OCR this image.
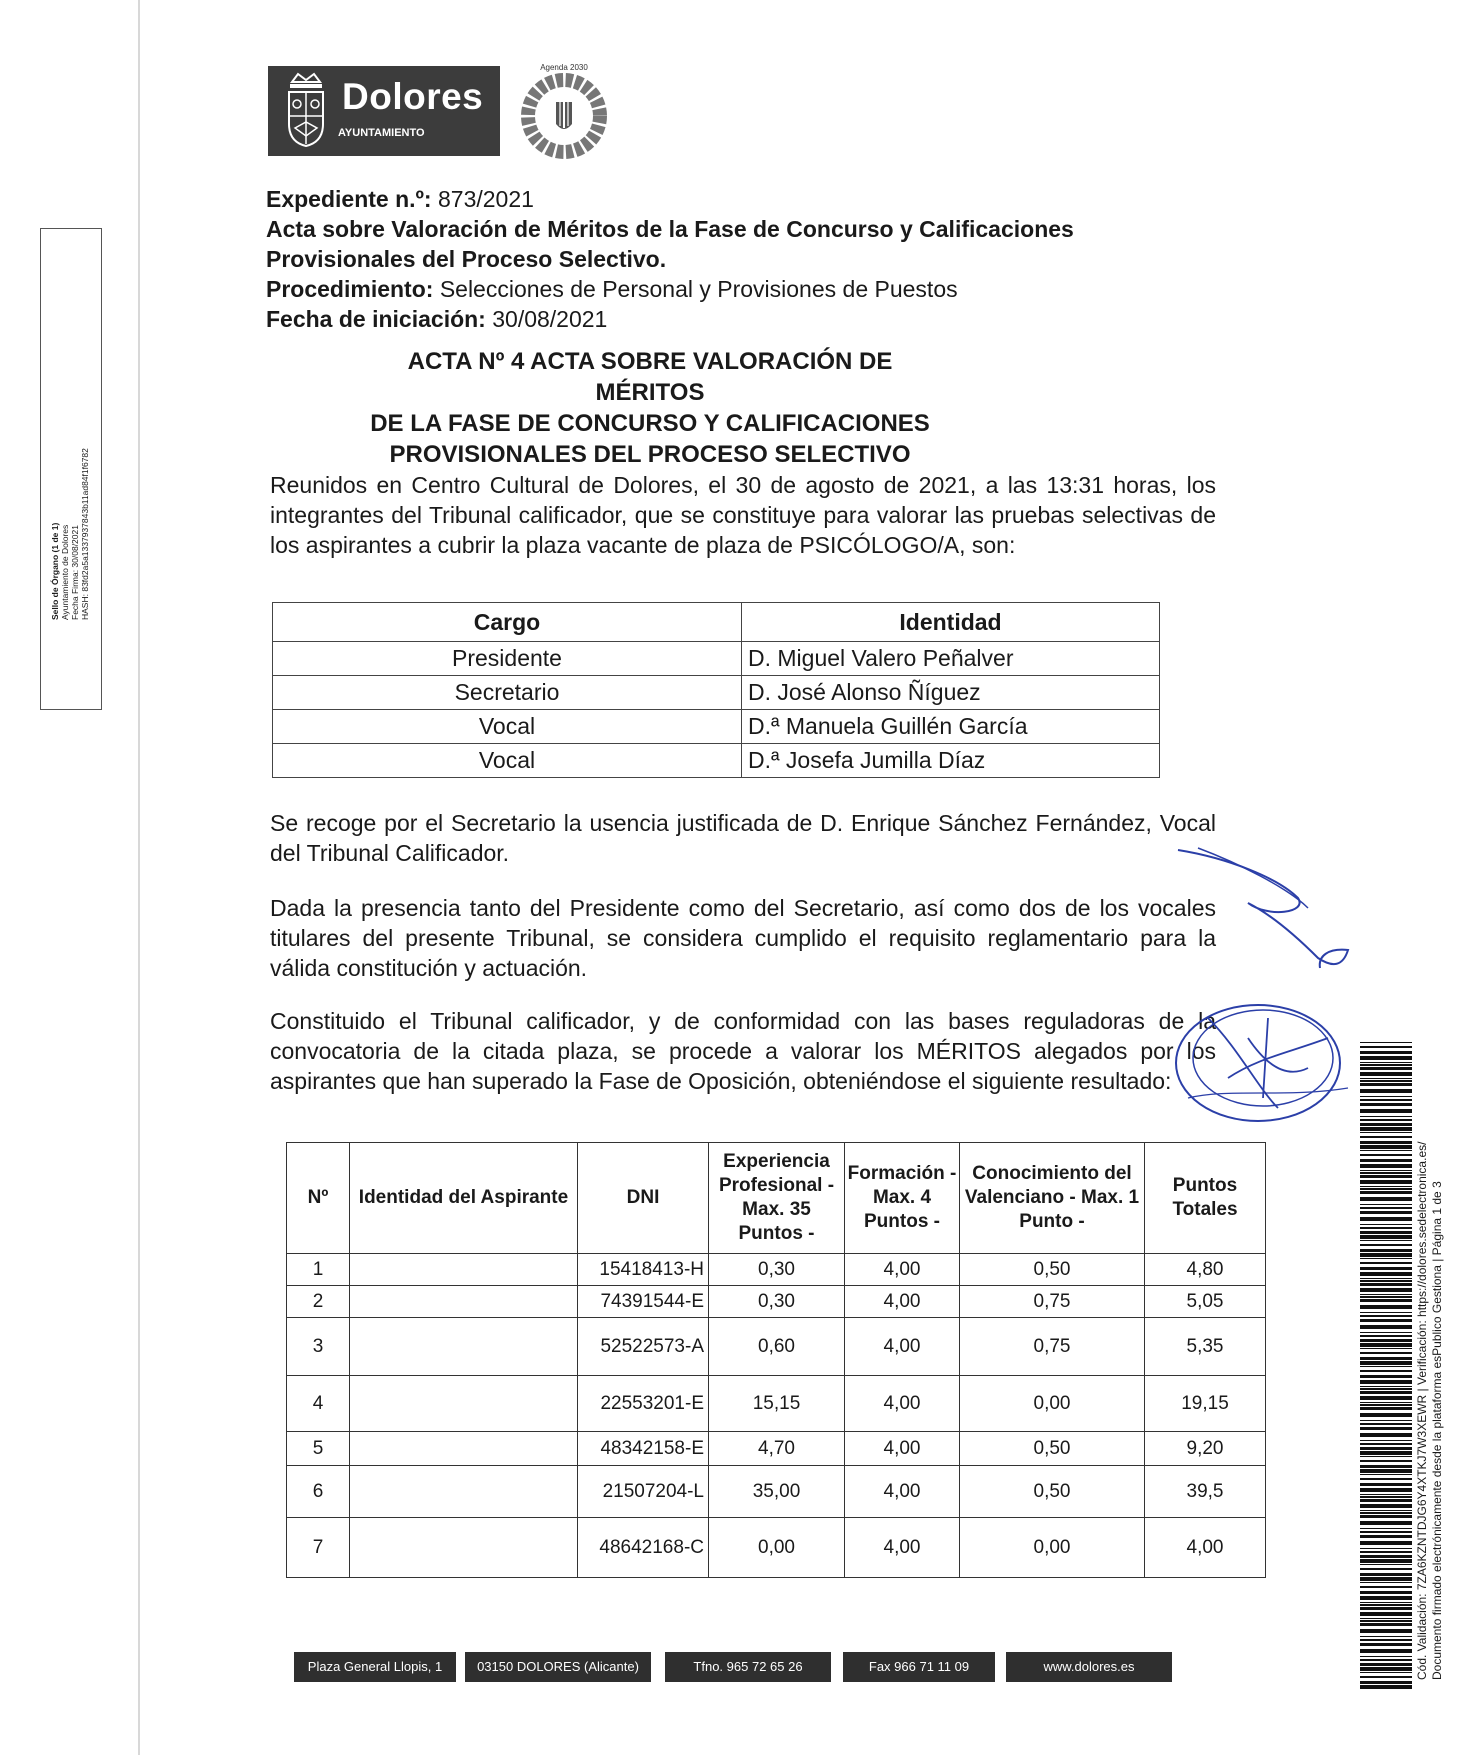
Sello de Órgano (1 de 1) Ayuntamiento de Dolores Fecha Firma: 30/08/2021 HASH: 83fd2a5a1337937843b11ad84f1f6782
Dolores
AYUNTAMIENTO
Agenda 2030
Expediente n.º: 873/2021
Acta sobre Valoración de Méritos de la Fase de Concurso y Calificaciones Provisionales del Proceso Selectivo.
Procedimiento: Selecciones de Personal y Provisiones de Puestos
Fecha de iniciación: 30/08/2021
ACTA Nº 4 ACTA SOBRE VALORACIÓN DE MÉRITOS
DE LA FASE DE CONCURSO Y CALIFICACIONES
PROVISIONALES DEL PROCESO SELECTIVO
Reunidos en Centro Cultural de Dolores, el 30 de agosto de 2021, a las 13:31 horas, los integrantes del Tribunal calificador, que se constituye para valorar las pruebas selectivas de los aspirantes a cubrir la plaza vacante de plaza de PSICÓLOGO/A, son:
Cargo	Identidad
Presidente	D. Miguel Valero Peñalver
Secretario	D. José Alonso Ñíguez
Vocal	D.ª Manuela Guillén García
Vocal	D.ª Josefa Jumilla Díaz
Se recoge por el Secretario la usencia justificada de D. Enrique Sánchez Fernández, Vocal del Tribunal Calificador.
Dada la presencia tanto del Presidente como del Secretario, así como dos de los vocales titulares del presente Tribunal, se considera cumplido el requisito reglamentario para la válida constitución y actuación.
Constituido el Tribunal calificador, y de conformidad con las bases reguladoras de la convocatoria de la citada plaza, se procede a valorar los MÉRITOS alegados por los aspirantes que han superado la Fase de Oposición, obteniéndose el siguiente resultado:
Nº	Identidad del Aspirante	DNI	Experiencia Profesional - Max. 35 Puntos -	Formación - Max. 4 Puntos -	Conocimiento del Valenciano - Max. 1 Punto -	Puntos Totales
1		15418413-H	0,30	4,00	0,50	4,80
2		74391544-E	0,30	4,00	0,75	5,05
3		52522573-A	0,60	4,00	0,75	5,35
4		22553201-E	15,15	4,00	0,00	19,15
5		48342158-E	4,70	4,00	0,50	9,20
6		21507204-L	35,00	4,00	0,50	39,5
7		48642168-C	0,00	4,00	0,00	4,00
Plaza General Llopis, 1	03150 DOLORES (Alicante)	Tfno. 965 72 65 26	Fax 966 71 11 09	www.dolores.es	Cód. Validación: 7ZA6KZNTDJG6Y4XTKJ7W3XEWR | Verificación: https://dolores.sedelectronica.es/ Documento firmado electrónicamente desde la plataforma esPublico Gestiona | Página 1 de 3
